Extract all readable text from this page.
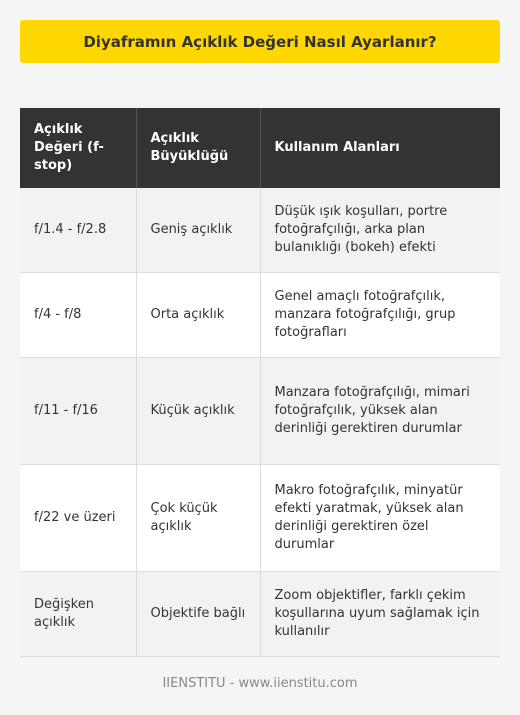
Diyaframın Açıklık Değeri Nasıl Ayarlanır?
Açıklık Değeri (f-stop)	Açıklık Büyüklüğü	Kullanım Alanları
f/1.4 - f/2.8	Geniş açıklık	Düşük ışık koşulları, portre fotoğrafçılığı, arka plan bulanıklığı (bokeh) efekti
f/4 - f/8	Orta açıklık	Genel amaçlı fotoğrafçılık, manzara fotoğrafçılığı, grup fotoğrafları
f/11 - f/16	Küçük açıklık	Manzara fotoğrafçılığı, mimari fotoğrafçılık, yüksek alan derinliği gerektiren durumlar
f/22 ve üzeri	Çok küçük açıklık	Makro fotoğrafçılık, minyatür efekti yaratmak, yüksek alan derinliği gerektiren özel durumlar
Değişken açıklık	Objektife bağlı	Zoom objektifler, farklı çekim koşullarına uyum sağlamak için kullanılır
IIENSTITU - www.iienstitu.com
